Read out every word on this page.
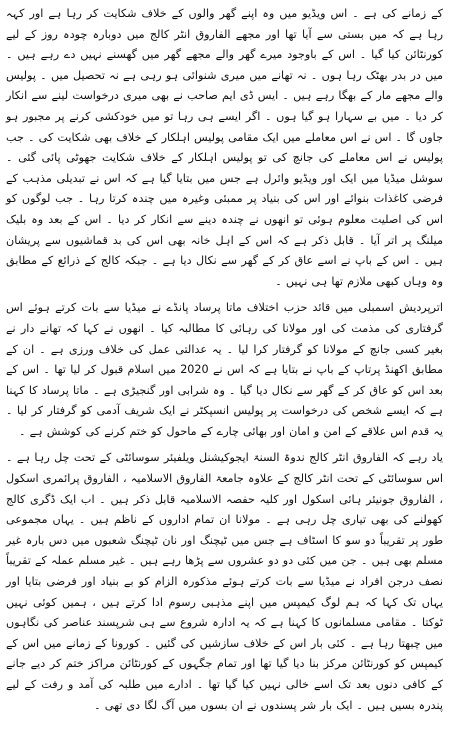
کے زمانے کی ہے ۔ اس ویڈیو میں وہ اپنے گھر والوں کے خلاف شکایت کر رہا ہے اور کہہ رہا ہے کہ میں بستی سے آیا تھا اور مجھے الفاروق انٹر کالج میں دوبارہ چودہ روز کے لیے کورنٹائن کیا گیا ۔ اس کے باوجود میرے گھر والے مجھے گھر میں گھسنے نہیں دے رہے ہیں ۔ میں در بدر بھٹک رہا ہوں ۔ نہ تھانے میں میری شنوائی ہو رہی ہے نہ تحصیل میں ۔ پولیس والے مجھے مار کے بھگا رہے ہیں ۔ ایس ڈی ایم صاحب نے بھی میری درخواست لینے سے انکار کر دیا ۔ میں بے سہارا ہو گیا ہوں ۔ اگر ایسے ہی رہا تو میں خودکشی کرنے پر مجبور ہو جاوں گا ۔ اس نے اس معاملے میں ایک مقامی پولیس اہلکار کے خلاف بھی شکایت کی ۔ جب پولیس نے اس معاملے کی جانچ کی تو پولیس اہلکار کے خلاف شکایت جھوٹی پائی گئی ۔ سوشل میڈیا میں ایک اور ویڈیو وائرل ہے جس میں بتایا گیا ہے کہ اس نے تبدیلی مذہب کے فرضی کاغذات بنوائے اور اس کی بنیاد پر ممبئی وغیرہ میں چندہ کرتا رہا ۔ جب لوگوں کو اس کی اصلیت معلوم ہوئی تو انھوں نے چندہ دینے سے انکار کر دیا ۔ اس کے بعد وہ بلیک میلنگ پر اتر آیا ۔ قابل ذکر ہے کہ اس کے اہل خانہ بھی اس کی بد قماشیوں سے پریشان ہیں ۔ اس کے باپ نے اسے عاق کر کے گھر سے نکال دیا ہے ۔ جبکہ کالج کے ذرائع کے مطابق وہ وہاں کبھی ملازم تھا ہی نہیں ۔

اترپردیش اسمبلی میں قائد حزب اختلاف ماتا پرساد پانڈے نے میڈیا سے بات کرتے ہوئے اس گرفتاری کی مذمت کی اور مولانا کی رہائی کا مطالبہ کیا ۔ انھوں نے کہا کہ تھانے دار نے بغیر کسی جانچ کے مولانا کو گرفتار کرا لیا ۔ یہ عدالتی عمل کی خلاف ورزی ہے ۔ ان کے مطابق اکھنڈ پرتاپ کے باپ نے بتایا ہے کہ اس نے 2020 میں اسلام قبول کر لیا تھا ۔ اس کے بعد اس کو عاق کر کے گھر سے نکال دیا گیا ۔ وہ شرابی اور گنجیڑی ہے ۔ ماتا پرساد کا کہنا ہے کہ ایسے شخص کی درخواست پر پولیس انسپکٹر نے ایک شریف آدمی کو گرفتار کر لیا ۔ یہ قدم اس علاقے کے امن و امان اور بھائی چارے کے ماحول کو ختم کرنے کی کوشش ہے ۔

یاد رہے کہ الفاروق انٹر کالج ندوۃ السنۃ ایجوکیشنل ویلفیئر سوسائٹی کے تحت چل رہا ہے ۔ اس سوسائٹی کے تحت انٹر کالج کے علاوہ جامعۃ الفاروق الاسلامیہ ، الفاروق پرائمری اسکول ، الفاروق جونیئر ہائی اسکول اور کلیہ حفصہ الاسلامیہ قابل ذکر ہیں ۔ اب ایک ڈگری کالج کھولنے کی بھی تیاری چل رہی ہے ۔ مولانا ان تمام اداروں کے ناظم ہیں ۔ یہاں مجموعی طور پر تقریباً دو سو کا اسٹاف ہے جس میں ٹیچنگ اور نان ٹیچنگ شعبوں میں دس بارہ غیر مسلم بھی ہیں ۔ جن میں کئی دو دو عشروں سے پڑھا رہے ہیں ۔ غیر مسلم عملہ کے تقریباً نصف درجن افراد نے میڈیا سے بات کرتے ہوئے مذکورہ الزام کو بے بنیاد اور فرضی بتایا اور یہاں تک کہا کہ ہم لوگ کیمپس میں اپنے مذہبی رسوم ادا کرتے ہیں ، ہمیں کوئی نہیں ٹوکتا ۔ مقامی مسلمانوں کا کہنا ہے کہ یہ ادارہ شروع سے ہی شرپسند عناصر کی نگاہوں میں چبھتا رہا ہے ۔ کئی بار اس کے خلاف سازشیں کی گئیں ۔ کورونا کے زمانے میں اس کے کیمپس کو کورنٹائن مرکز بنا دیا گیا تھا اور تمام جگہوں کے کورنٹائن مراکز ختم کر دیے جانے کے کافی دنوں بعد تک اسے خالی نہیں کیا گیا تھا ۔ ادارے میں طلبہ کی آمد و رفت کے لیے پندرہ بسیں ہیں ۔ ایک بار شر پسندوں نے ان بسوں میں آگ لگا دی تھی ۔
